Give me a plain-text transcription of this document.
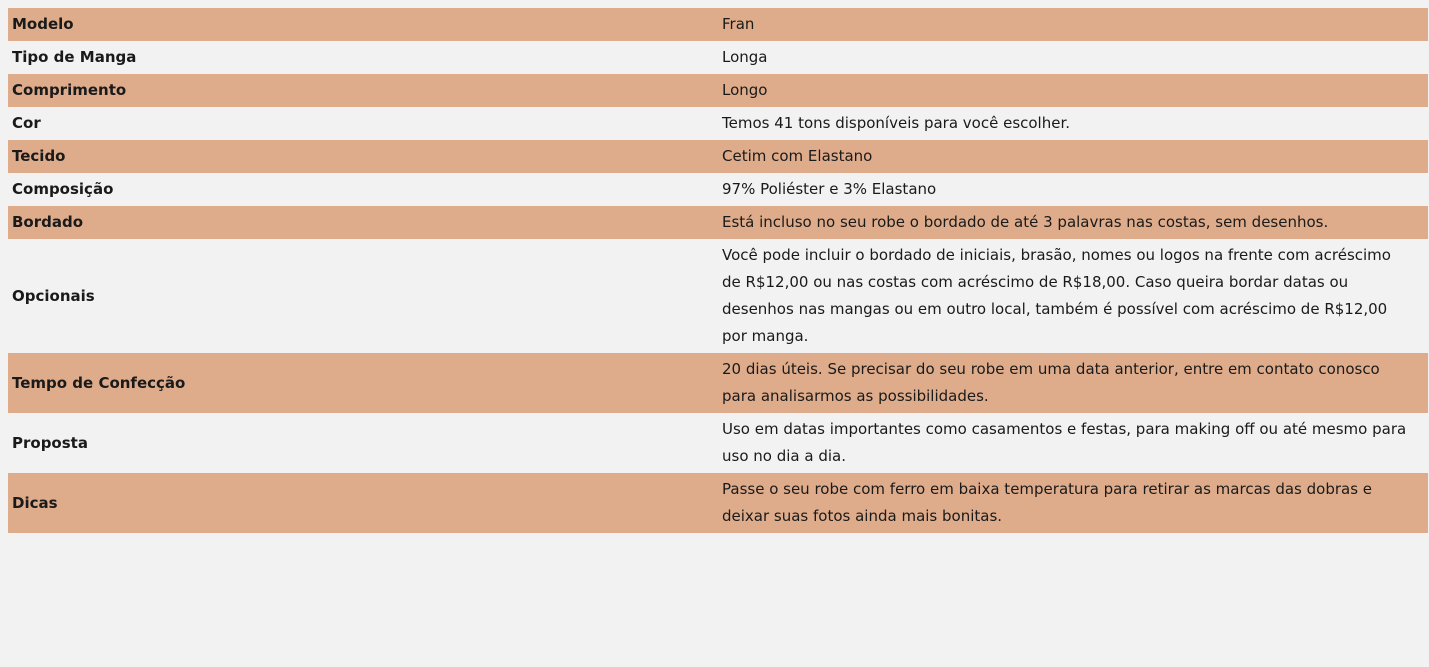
Modelo	Fran
Tipo de Manga	Longa
Comprimento	Longo
Cor	Temos 41 tons disponíveis para você escolher.
Tecido	Cetim com Elastano
Composição	97% Poliéster e 3% Elastano
Bordado	Está incluso no seu robe o bordado de até 3 palavras nas costas, sem desenhos.
Opcionais	Você pode incluir o bordado de iniciais, brasão, nomes ou logos na frente com acréscimo de R$12,00 ou nas costas com acréscimo de R$18,00. Caso queira bordar datas ou desenhos nas mangas ou em outro local, também é possível com acréscimo de R$12,00 por manga.
Tempo de Confecção	20 dias úteis. Se precisar do seu robe em uma data anterior, entre em contato conosco para analisarmos as possibilidades.
Proposta	Uso em datas importantes como casamentos e festas, para making off ou até mesmo para uso no dia a dia.
Dicas	Passe o seu robe com ferro em baixa temperatura para retirar as marcas das dobras e deixar suas fotos ainda mais bonitas.
